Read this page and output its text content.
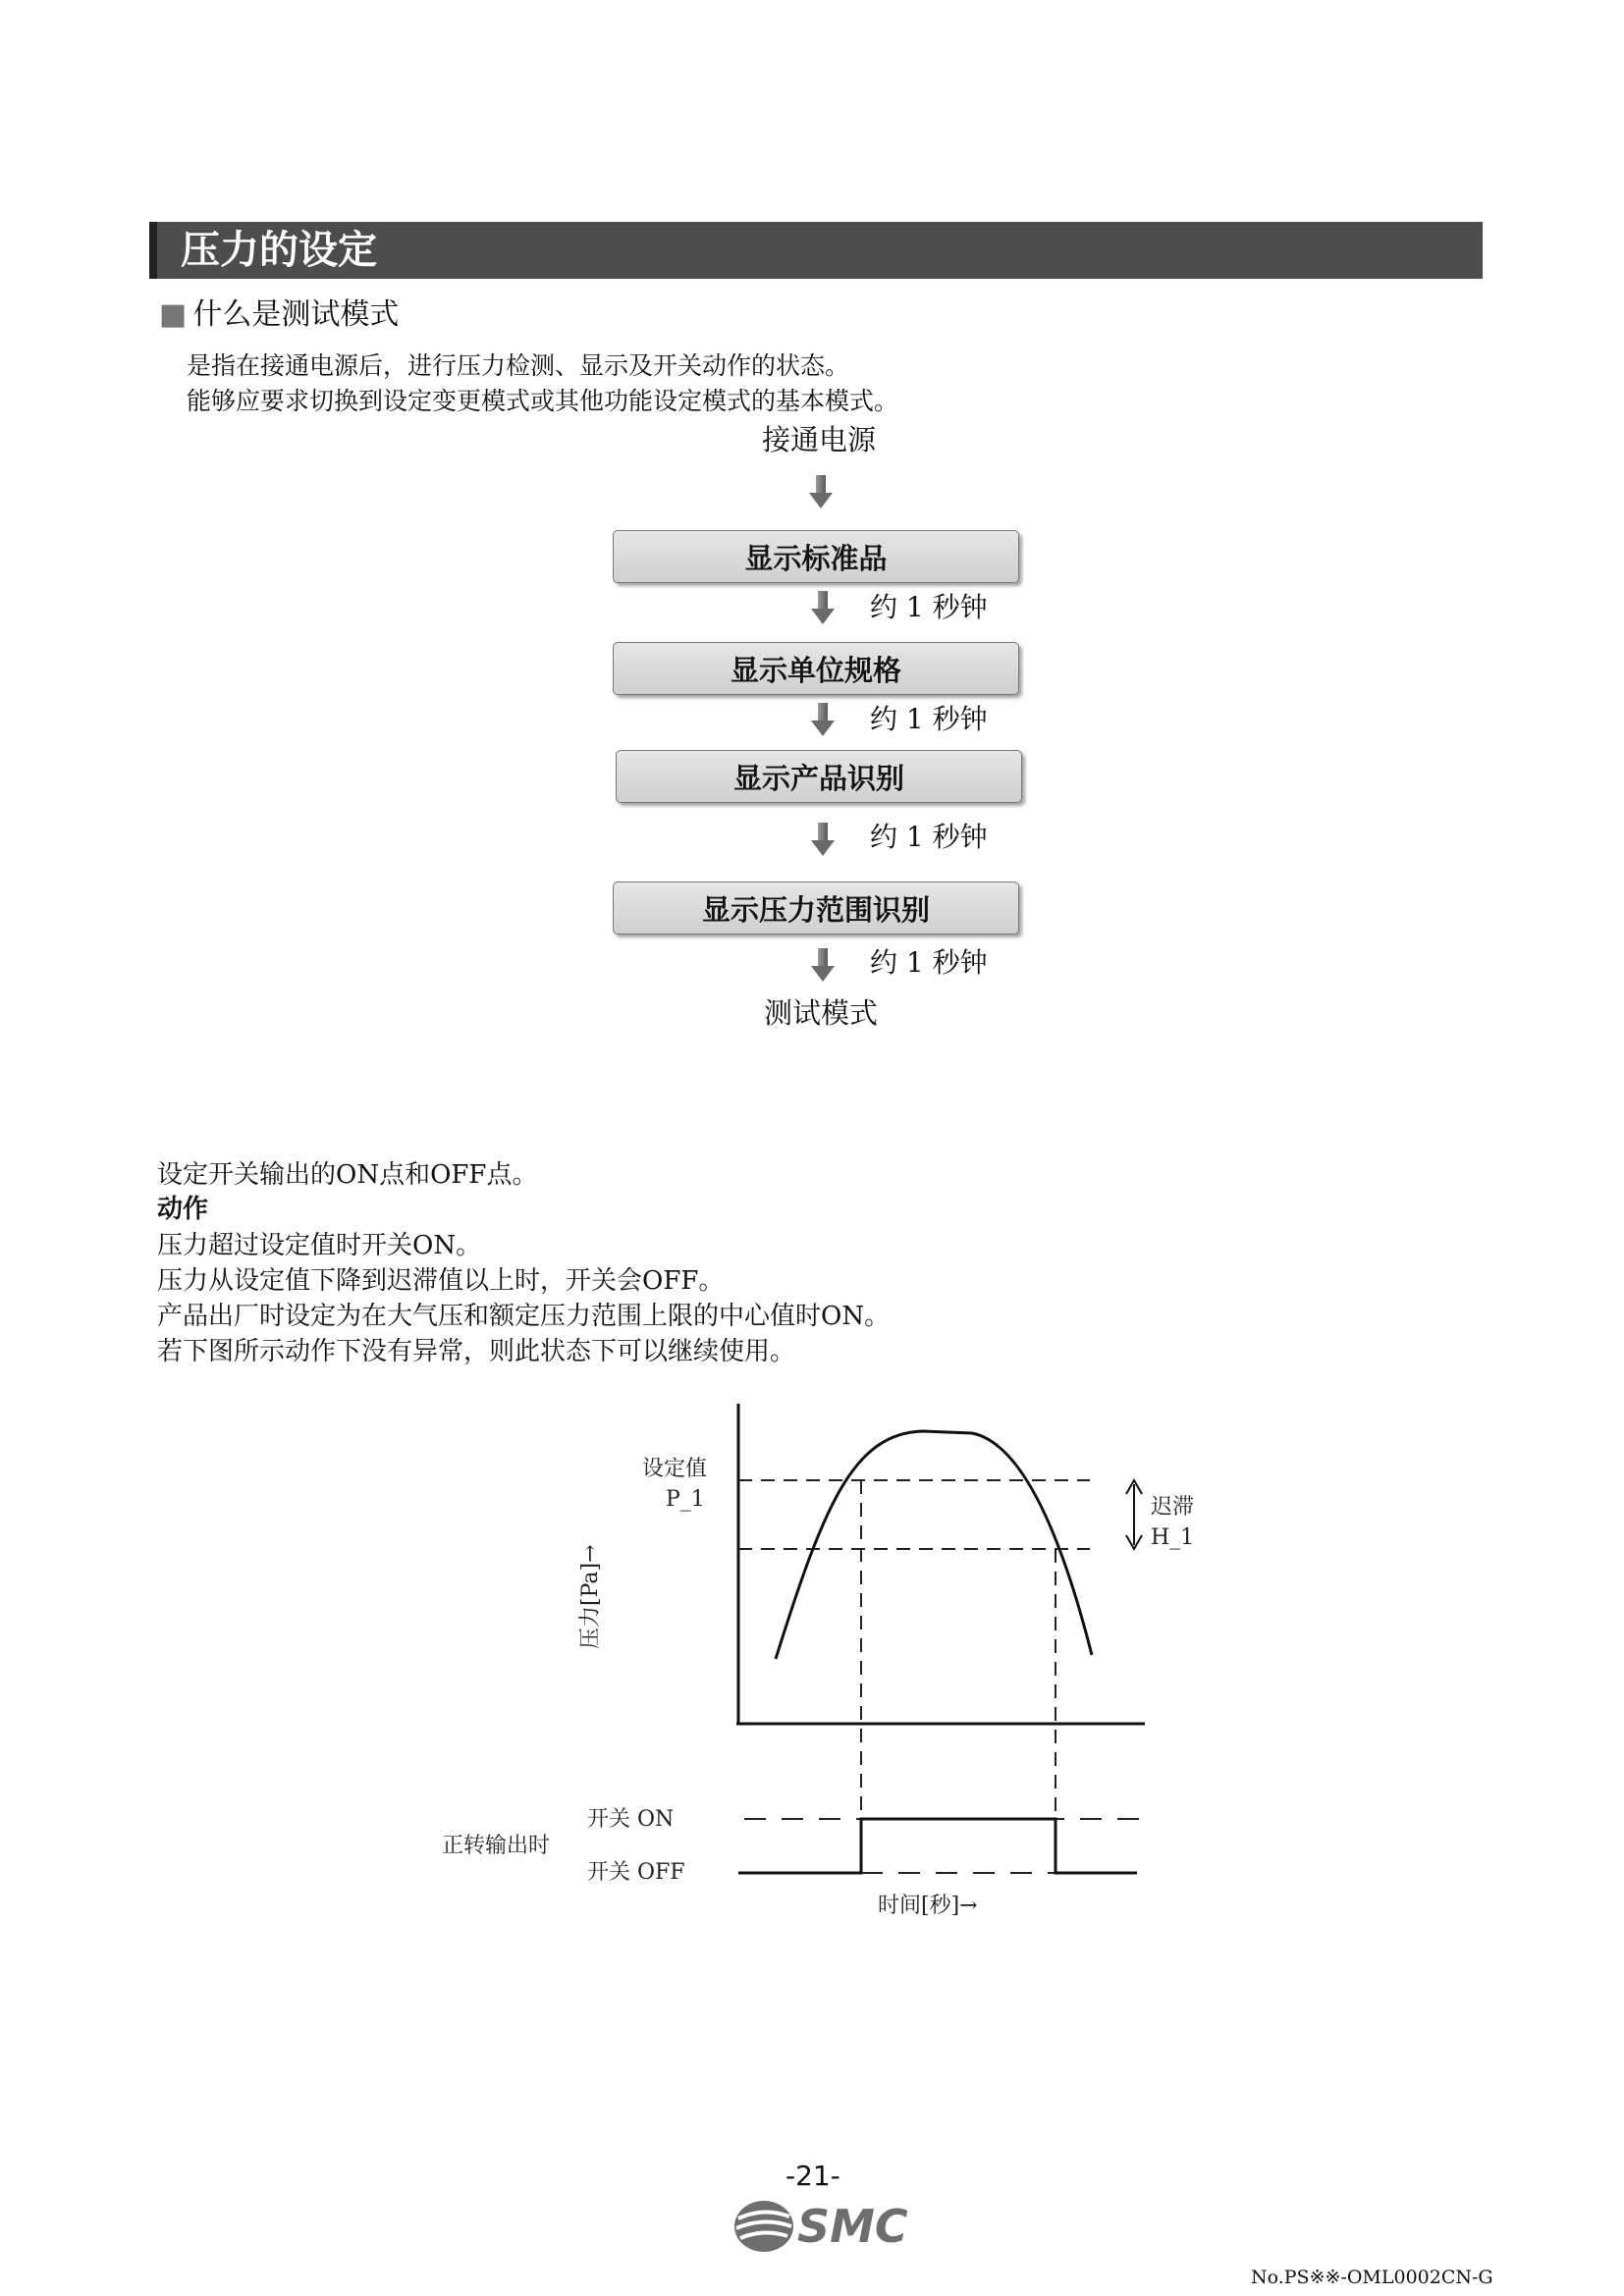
压力的设定
■ 什么是测试模式
是指在接通电源后，进行压力检测、显示及开关动作的状态。
能够应要求切换到设定变更模式或其他功能设定模式的基本模式。
接通电源
显示标准品
约 1 秒钟
显示单位规格
约 1 秒钟
显示产品识别
约 1 秒钟
显示压力范围识别
约 1 秒钟
测试模式
设定开关输出的ON点和OFF点。
动作
压力超过设定值时开关ON。
压力从设定值下降到迟滞值以上时，开关会OFF。
产品出厂时设定为在大气压和额定压力范围上限的中心值时ON。
若下图所示动作下没有异常，则此状态下可以继续使用。
设定值
P_1	迟滞
H_1
压力[Pa]→
开关 ON
开关 OFF
正转输出时
时间[秒]→
-21-
SMC
No.PS※※-OML0002CN-G
